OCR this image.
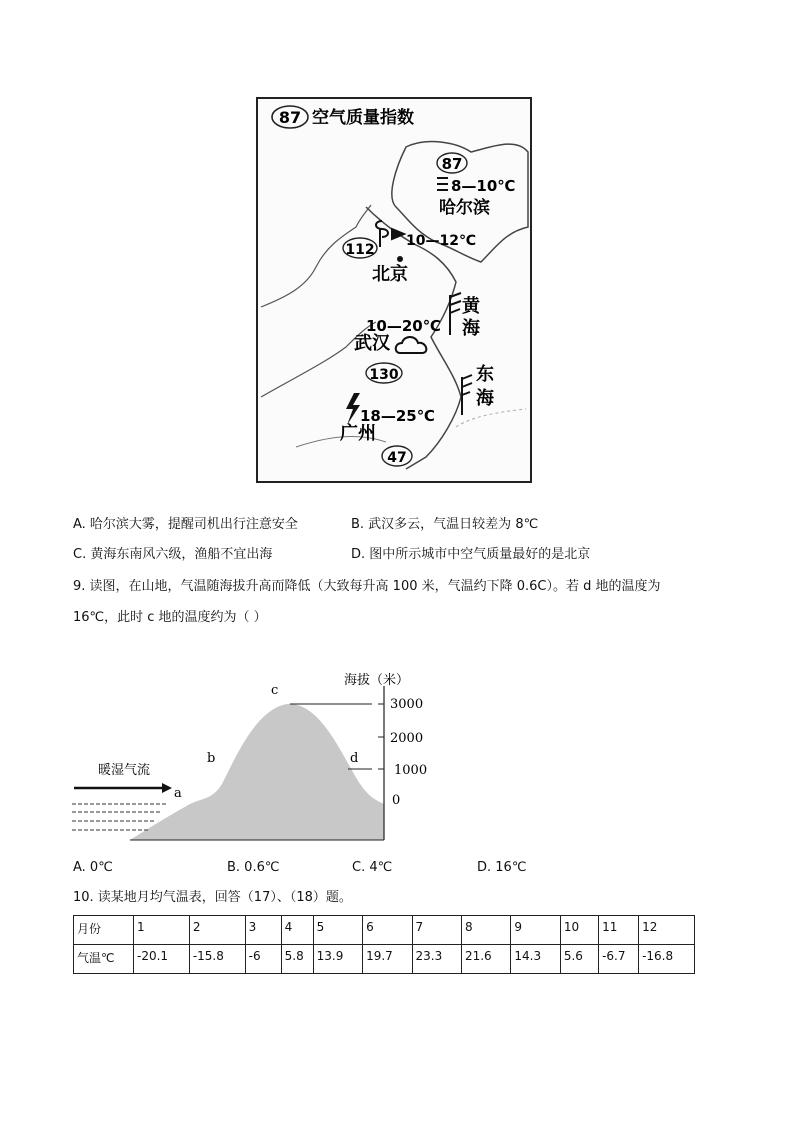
87 空气质量指数
87
8—10℃
哈尔滨
10—12℃
112
北京
黄
海
10—20℃
武汉
130	东
海
18—25℃
广州
47
A. 哈尔滨大雾，提醒司机出行注意安全	B. 武汉多云，气温日较差为 8℃
C. 黄海东南风六级，渔船不宜出海	D. 图中所示城市中空气质量最好的是北京
9. 读图，在山地，气温随海拔升高而降低（大致每升高 100 米，气温约下降 0.6C）。若 d 地的温度为
16℃，此时 c 地的温度约为（ ）
3000
2000
1000
0
海拔（米）
a
b
c
d
暖湿气流
A. 0℃	B. 0.6℃	C. 4℃	D. 16℃
10. 读某地月均气温表，回答（17）、（18）题。
月份	1	2	3	4	5	6	7	8	9	10	11	12
气温℃	-20.1	-15.8	-6	5.8	13.9	19.7	23.3	21.6	14.3	5.6	-6.7	-16.8
